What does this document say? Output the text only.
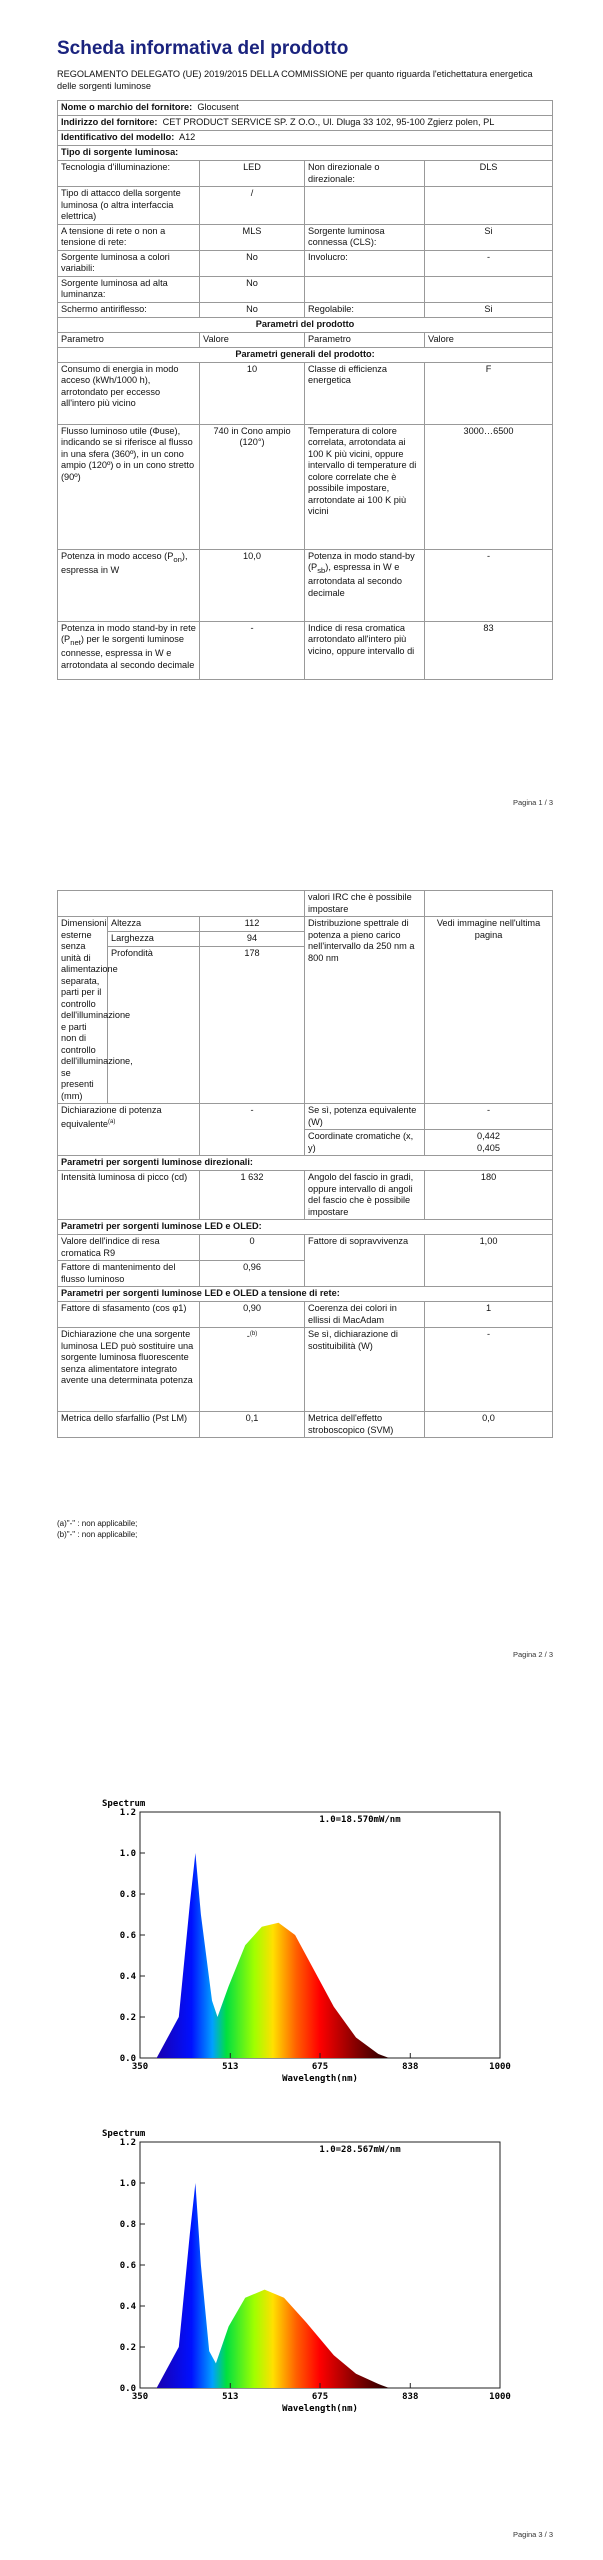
Scheda informativa del prodotto
REGOLAMENTO DELEGATO (UE) 2019/2015 DELLA COMMISSIONE per quanto riguarda l'etichettatura energetica delle sorgenti luminose
Nome o marchio del fornitore: Glocusent			
Indirizzo del fornitore: CET PRODUCT SERVICE SP. Z O.O., Ul. Dluga 33 102, 95-100 Zgierz polen, PL			
Identificativo del modello: A12			
Tipo di sorgente luminosa:			
Tecnologia d'illuminazione:	LED	Non direzionale o direzionale:	DLS
Tipo di attacco della sorgente luminosa (o altra interfaccia elettrica)	/		
A tensione di rete o non a tensione di rete:	MLS	Sorgente luminosa connessa (CLS):	Si
Sorgente luminosa a colori variabili:	No	Involucro:	-
Sorgente luminosa ad alta luminanza:	No		
Schermo antiriflesso:	No	Regolabile:	Si
Parametri del prodotto			
Parametro	Valore	Parametro	Valore
Parametri generali del prodotto:			
Consumo di energia in modo acceso (kWh/1000 h), arrotondato per eccesso all'intero più vicino	10	Classe di efficienza energetica	F
Flusso luminoso utile (Φuse), indicando se si riferisce al flusso in una sfera (360º), in un cono ampio (120º) o in un cono stretto (90º)	740 in Cono ampio (120°)	Temperatura di colore correlata, arrotondata ai 100 K più vicini, oppure intervallo di temperature di colore correlate che è possibile impostare, arrotondate ai 100 K più vicini	3000…6500
Potenza in modo acceso $(P_{on})$, espressa in W	10,0	Potenza in modo stand-by $(P_{sb})$, espressa in W e arrotondata al secondo decimale	-
Potenza in modo stand-by in rete $(P_{net})$ per le sorgenti luminose connesse, espressa in W e arrotondata al secondo decimale	-	Indice di resa cromatica arrotondato all'intero più vicino, oppure intervallo di	83
Pagina 1 / 3
			valori IRC che è possibile impostare	
Dimensioni esterne senza unità di alimentazione separata, parti per il controllo dell'illuminazione e parti non di controllo dell'illuminazione, se presenti (mm)	Altezza	112	Distribuzione spettrale di potenza a pieno carico nell'intervallo da 250 nm a 800 nm	Vedi immagine nell'ultima pagina
	Larghezza	94		
	Profondità	178		
Dichiarazione di potenza equivalente$^{(a)}$		-	Se sì, potenza equivalente (W)	-
			Coordinate cromatiche (x, y)	0,442
0,405
Parametri per sorgenti luminose direzionali:				
Intensità luminosa di picco (cd)		1 632	Angolo del fascio in gradi, oppure intervallo di angoli del fascio che è possibile impostare	180
Parametri per sorgenti luminose LED e OLED:				
Valore dell'indice di resa cromatica R9		0	Fattore di sopravvivenza	1,00
Fattore di mantenimento del flusso luminoso		0,96		
Parametri per sorgenti luminose LED e OLED a tensione di rete:				
Fattore di sfasamento (cos φ1)		0,90	Coerenza dei colori in ellissi di MacAdam	1
Dichiarazione che una sorgente luminosa LED può sostituire una sorgente luminosa fluorescente senza alimentatore integrato avente una determinata potenza		-$^{(b)}$	Se sì, dichiarazione di sostituibilità (W)	-
Metrica dello sfarfallio (Pst LM)		0,1	Metrica dell'effetto stroboscopico (SVM)	0,0
(a)"-" : non applicabile;
(b)"-" : non applicabile;
Pagina 2 / 3
1.2
1.0
0.8
0.6
0.4
0.2
0.0
350	513	675	838	1000
Spectrum
1.0=18.570mW/nm
Wavelength(nm)
1.2
1.0
0.8
0.6
0.4
0.2
0.0
350	513	675	838	1000
Spectrum
1.0=28.567mW/nm
Wavelength(nm)
Pagina 3 / 3
